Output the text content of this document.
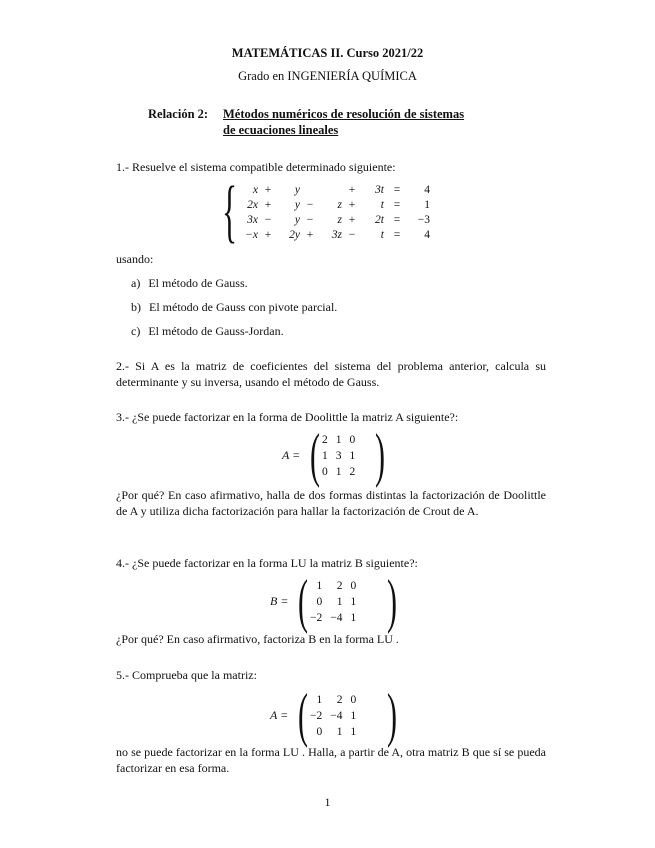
MATEMÁTICAS II. Curso 2021/22
Grado en INGENIERÍA QUÍMICA
Relación 2: Métodos numéricos de resolución de sistemas
de ecuaciones lineales
1.- Resuelve el sistema compatible determinado siguiente:
{ x	+	y			+	3t	=	4
2x	+	y	−	z	+	t	=	1
3x	−	y	−	z	+	2t	=	−3
−x	+	2y	+	3z	−	t	=	4
usando:
a) El método de Gauss.
b) El método de Gauss con pivote parcial.
c) El método de Gauss-Jordan.
2.- Si A es la matriz de coeficientes del sistema del problema anterior, calcula su determinante y su inversa, usando el método de Gauss.
3.- ¿Se puede factorizar en la forma de Doolittle la matriz A siguiente?:
A = ( 2	1	0
1	3	1
0	1	2 )
¿Por qué? En caso afirmativo, halla de dos formas distintas la factorización de Doolittle de A y utiliza dicha factorización para hallar la factorización de Crout de A.
4.- ¿Se puede factorizar en la forma LU la matriz B siguiente?:
B = ( 1	2	0
0	1	1
−2	−4	1 )
¿Por qué? En caso afirmativo, factoriza B en la forma LU .
5.- Comprueba que la matriz:
A = ( 1	2	0
−2	−4	1
0	1	1 )
no se puede factorizar en la forma LU . Halla, a partir de A, otra matriz B que sí se pueda factorizar en esa forma.
1
